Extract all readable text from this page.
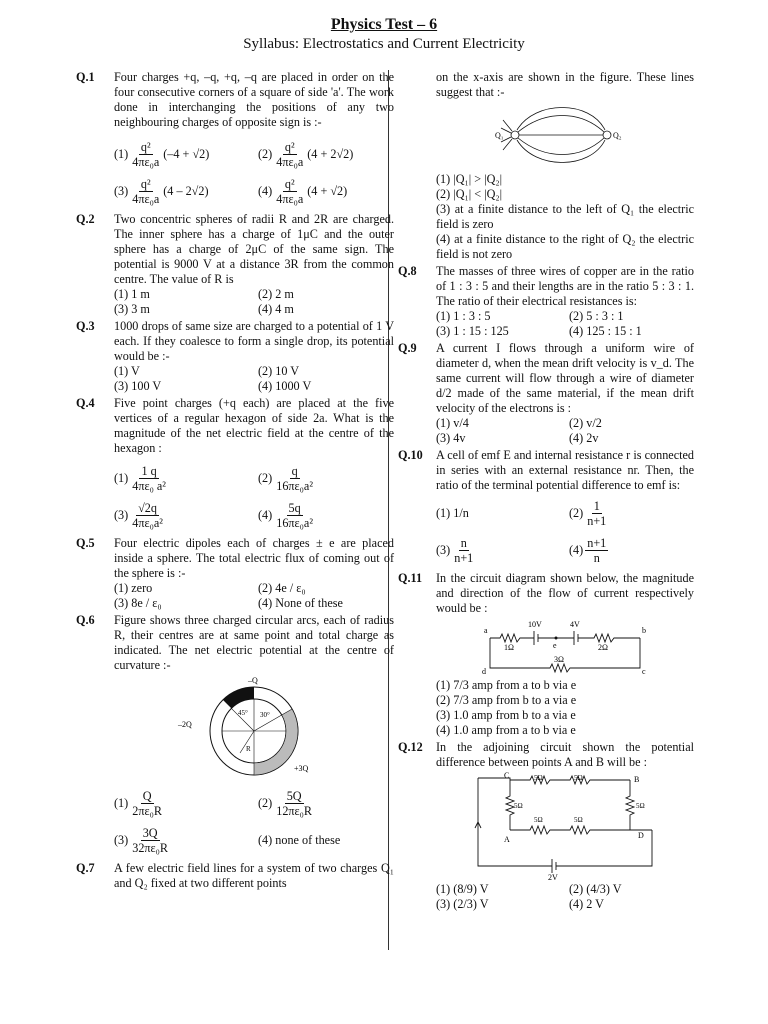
Physics Test – 6
Syllabus: Electrostatics and Current Electricity
Q.1 Four charges +q, –q, +q, –q are placed in order on the four consecutive corners of a square of side 'a'. The work done in interchanging the positions of any two neighbouring charges of opposite sign is :-
$(1) \frac{\text{q²}}{\text{4πε₀a}} (-4 + √2)$	$(2) \frac{\text{q²}}{\text{4πε₀a}} (4 + 2√2)$
$(3) \frac{\text{q²}}{\text{4πε₀a}} (4 - 2√2)$	$(4) \frac{\text{q²}}{\text{4πε₀a}} (4 + √2)$
Q.2 Two concentric spheres of radii R and 2R are charged. The inner sphere has a charge of 1μC and the outer sphere has a charge of 2μC of the same sign. The potential is 9000 V at a distance 3R from the common centre. The value of R is
(1) 1 m	(2) 2 m
(3) 3 m	(4) 4 m
Q.3 1000 drops of same size are charged to a potential of 1 V each. If they coalesce to form a single drop, its potential would be :-
(1) V	(2) 10 V
(3) 100 V	(4) 1000 V
Q.4 Five point charges (+q each) are placed at the five vertices of a regular hexagon of side 2a. What is the magnitude of the net electric field at the centre of the hexagon :
$(1) \frac{1 q}{\text{4πε₀ a²}}$	$(2) \frac{q}{\text{16πε₀a²}}$
$(3) \frac{√2q}{\text{4πε₀a²}}$	$(4) \frac{5q}{\text{16πε₀a²}}$
Q.5 Four electric dipoles each of charges ± e are placed inside a sphere. The total electric flux of coming out of the sphere is :-
(1) zero	(2) 4e / ε₀
(3) 8e / ε₀	(4) None of these
Q.6 Figure shows three charged circular arcs, each of radius R, their centres are at same point and total charge as indicated. The net electric potential at the centre of curvature :-
45° 30°
R
–Q
–2Q
+3Q
$(1) \frac{Q}{\text{2πε₀R}}$	$(2) \frac{5Q}{\text{12πε₀R}}$
$(3) \frac{3Q}{\text{32πε₀R}}$	(4) none of these
Q.7 A few electric field lines for a system of two charges Q₁ and Q₂ fixed at two different points
on the x-axis are shown in the figure. These lines suggest that :-
Q₁	Q₂
(1) |Q₁| > |Q₂|
(2) |Q₁| < |Q₂|
(3) at a finite distance to the left of Q₁ the electric field is zero
(4) at a finite distance to the right of Q₂ the electric field is not zero
Q.8 The masses of three wires of copper are in the ratio of 1 : 3 : 5 and their lengths are in the ratio 5 : 3 : 1. The ratio of their electrical resistances is:
(1) 1 : 3 : 5	(2) 5 : 3 : 1
(3) 1 : 15 : 125	(4) 125 : 15 : 1
Q.9 A current I flows through a uniform wire of diameter d, when the mean drift velocity is v_d. The same current will flow through a wire of diameter d/2 made of the same material, if the mean drift velocity of the electrons is :
(1) v/4	(2) v/2
(3) 4v	(4) 2v
Q.10 A cell of emf E and internal resistance r is connected in series with an external resistance nr. Then, the ratio of the terminal potential difference to emf is:
(1) 1/n	$(2) \frac{1}{n+1}$
$(3) \frac{n}{n+1}$	$(4) \frac{n+1}{n}$
Q.11 In the circuit diagram shown below, the magnitude and direction of the flow of current respectively would be :
a	b
c
d
e
10V	4V
1Ω	2Ω
3Ω
(1) 7/3 amp from a to b via e
(2) 7/3 amp from b to a via e
(3) 1.0 amp from b to a via e
(4) 1.0 amp from a to b via e
Q.12 In the adjoining circuit shown the potential difference between points A and B will be :
C	B
A	D
5Ω	5Ω
5Ω	5Ω
5Ω	5Ω
2V
(1) (8/9) V	(2) (4/3) V
(3) (2/3) V	(4) 2 V
